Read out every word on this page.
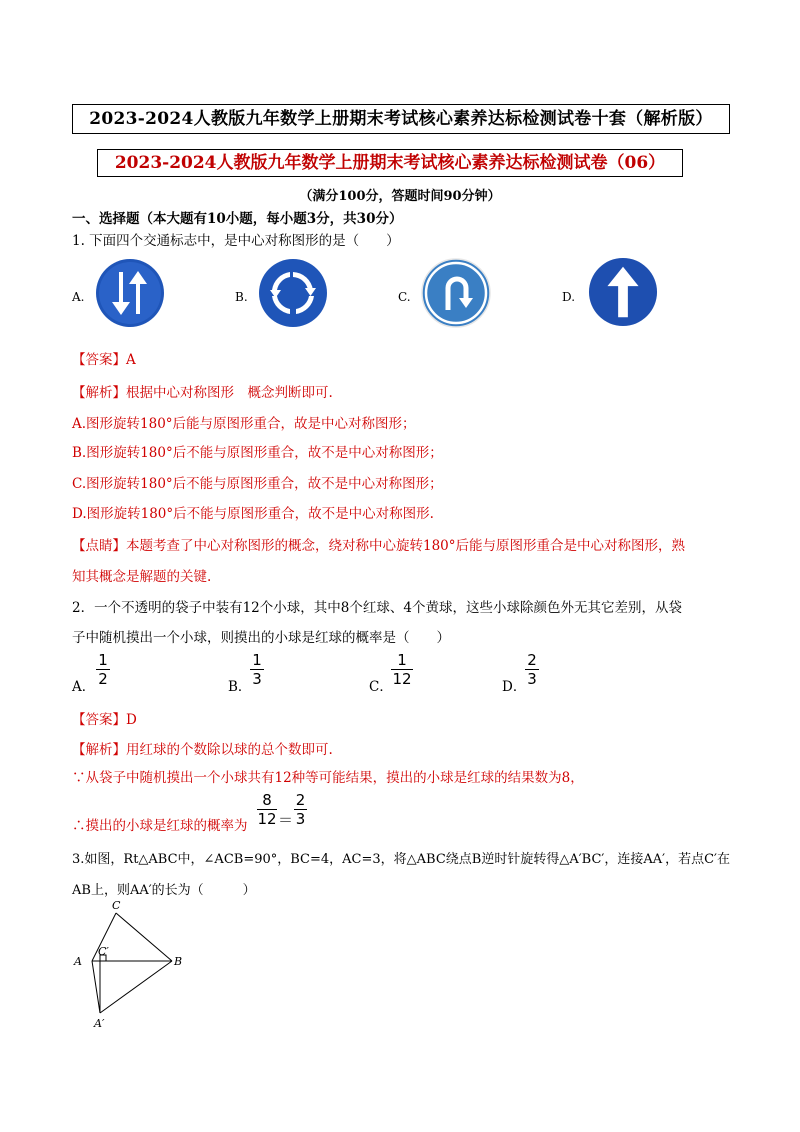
2023-2024人教版九年数学上册期末考试核心素养达标检测试卷十套（解析版）
2023-2024人教版九年数学上册期末考试核心素养达标检测试卷（06）
（满分100分，答题时间90分钟）
一、选择题（本大题有10小题，每小题3分，共30分）
1. 下面四个交通标志中，是中心对称图形的是（　　）
A.	B.	C.	D.
【答案】A
【解析】根据中心对称图形　概念判断即可.
A.图形旋转180°后能与原图形重合，故是中心对称图形；
B.图形旋转180°后不能与原图形重合，故不是中心对称图形；
C.图形旋转180°后不能与原图形重合，故不是中心对称图形；
D.图形旋转180°后不能与原图形重合，故不是中心对称图形.
【点睛】本题考查了中心对称图形的概念，绕对称中心旋转180°后能与原图形重合是中心对称图形，熟
知其概念是解题的关键.
2．一个不透明的袋子中装有12个小球，其中8个红球、4个黄球，这些小球除颜色外无其它差别，从袋
子中随机摸出一个小球，则摸出的小球是红球的概率是（　　）
A．
1
2	B．
1
3	C．
1
12	D．
2
3
【答案】D
【解析】用红球的个数除以球的总个数即可.
∵从袋子中随机摸出一个小球共有12种等可能结果，摸出的小球是红球的结果数为8，
∴摸出的小球是红球的概率为
8
12 ＝
2
3
3.如图，Rt△ABC中，∠ACB=90°，BC=4，AC=3，将△ABC绕点B逆时针旋转得△A′BC′，连接AA′，若点C′在
AB上，则AA′的长为（　　　）
C
C′
A	B
A′
